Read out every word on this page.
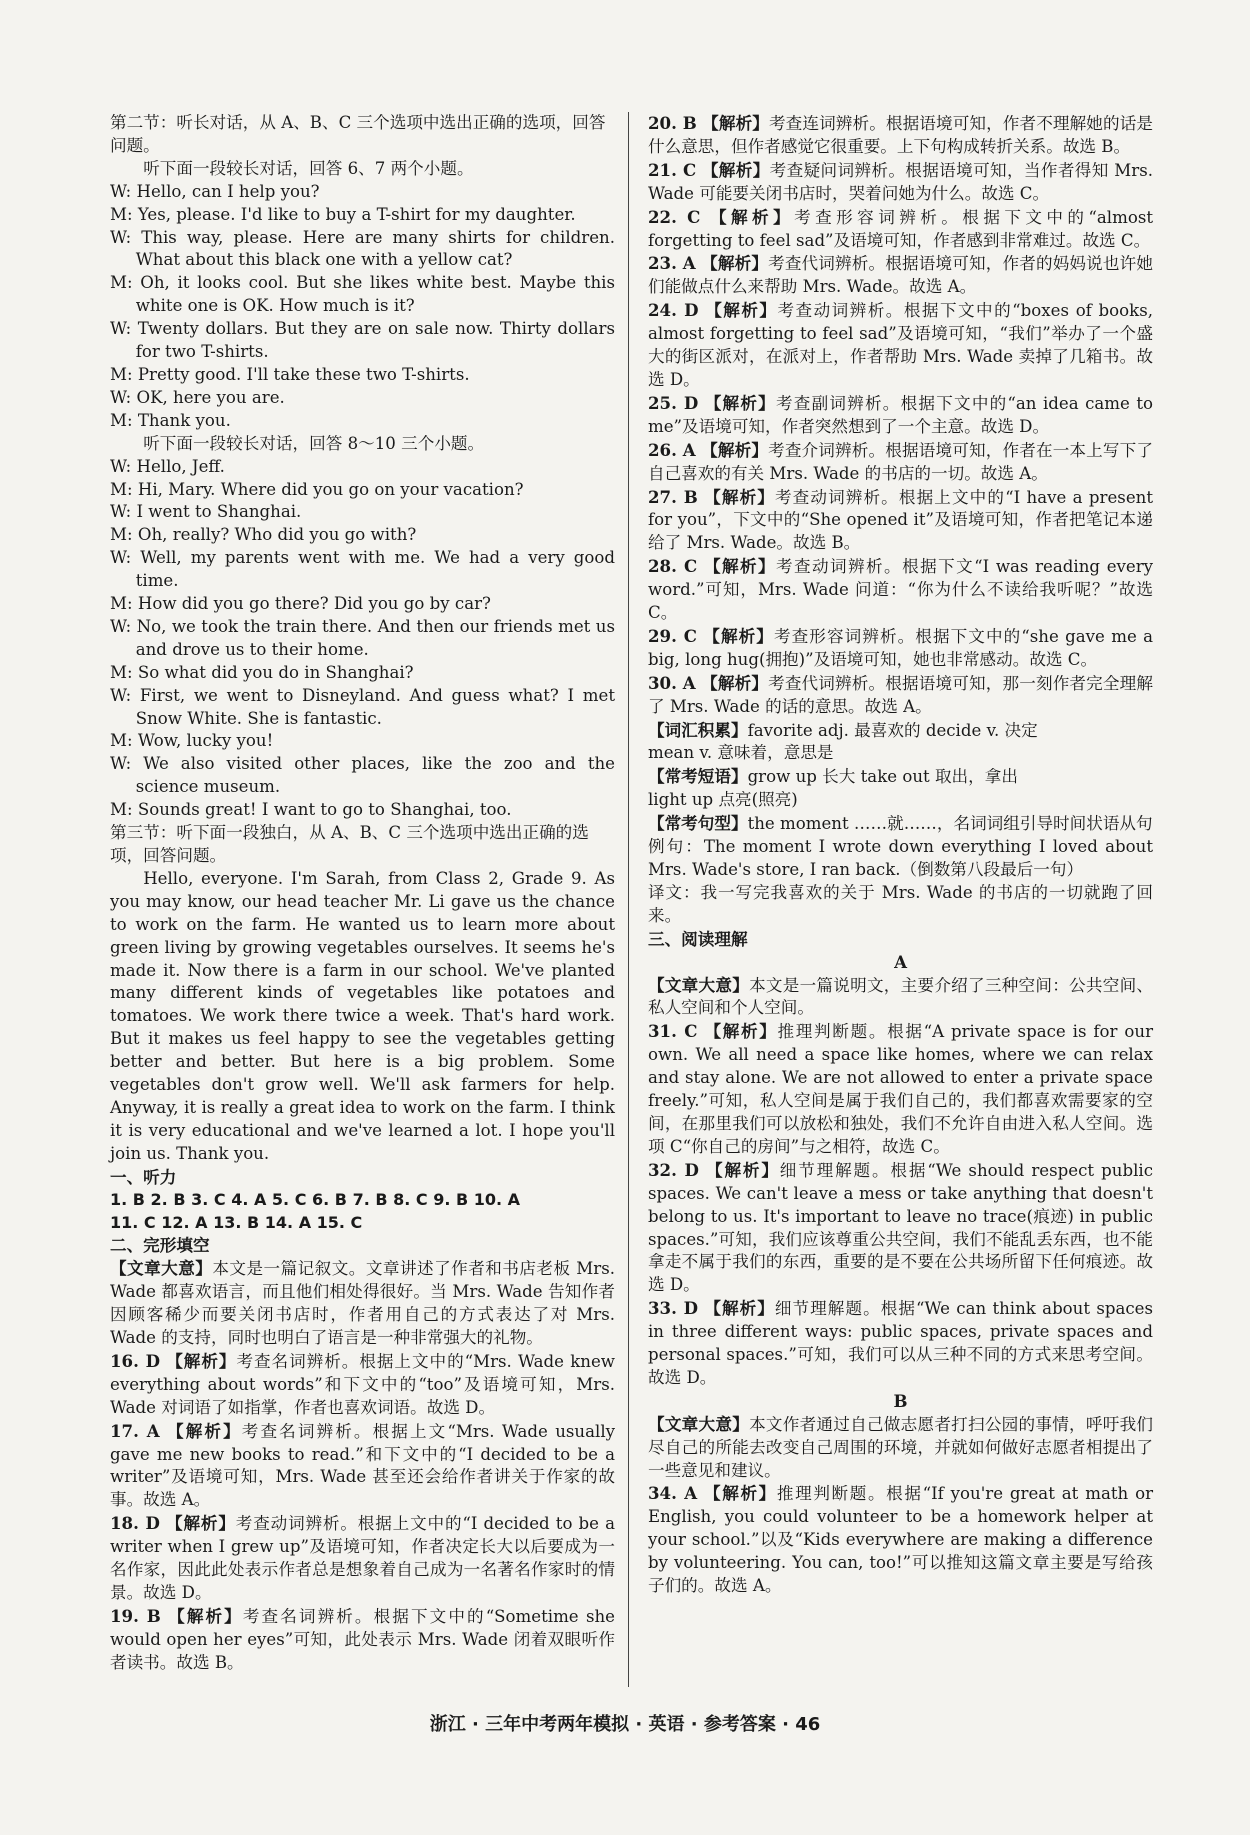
第二节：听长对话，从 A、B、C 三个选项中选出正确的选项，回答问题。

听下面一段较长对话，回答 6、7 两个小题。

W: Hello, can I help you?

M: Yes, please. I'd like to buy a T-shirt for my daughter.

W: This way, please. Here are many shirts for children. What about this black one with a yellow cat?

M: Oh, it looks cool. But she likes white best. Maybe this white one is OK. How much is it?

W: Twenty dollars. But they are on sale now. Thirty dollars for two T-shirts.

M: Pretty good. I'll take these two T-shirts.

W: OK, here you are.

M: Thank you.

听下面一段较长对话，回答 8～10 三个小题。

W: Hello, Jeff.

M: Hi, Mary. Where did you go on your vacation?

W: I went to Shanghai.

M: Oh, really? Who did you go with?

W: Well, my parents went with me. We had a very good time.

M: How did you go there? Did you go by car?

W: No, we took the train there. And then our friends met us and drove us to their home.

M: So what did you do in Shanghai?

W: First, we went to Disneyland. And guess what? I met Snow White. She is fantastic.

M: Wow, lucky you!

W: We also visited other places, like the zoo and the science museum.

M: Sounds great! I want to go to Shanghai, too.

第三节：听下面一段独白，从 A、B、C 三个选项中选出正确的选项，回答问题。

Hello, everyone. I'm Sarah, from Class 2, Grade 9. As you may know, our head teacher Mr. Li gave us the chance to work on the farm. He wanted us to learn more about green living by growing vegetables ourselves. It seems he's made it. Now there is a farm in our school. We've planted many different kinds of vegetables like potatoes and tomatoes. We work there twice a week. That's hard work. But it makes us feel happy to see the vegetables getting better and better. But here is a big problem. Some vegetables don't grow well. We'll ask farmers for help. Anyway, it is really a great idea to work on the farm. I think it is very educational and we've learned a lot. I hope you'll join us. Thank you.

一、听力

1. B 2. B 3. C 4. A 5. C 6. B 7. B 8. C 9. B 10. A

11. C 12. A 13. B 14. A 15. C

二、完形填空

【文章大意】本文是一篇记叙文。文章讲述了作者和书店老板 Mrs. Wade 都喜欢语言，而且他们相处得很好。当 Mrs. Wade 告知作者因顾客稀少而要关闭书店时，作者用自己的方式表达了对 Mrs. Wade 的支持，同时也明白了语言是一种非常强大的礼物。

16. D 【解析】考查名词辨析。根据上文中的“Mrs. Wade knew everything about words”和下文中的“too”及语境可知，Mrs. Wade 对词语了如指掌，作者也喜欢词语。故选 D。

17. A 【解析】考查名词辨析。根据上文“Mrs. Wade usually gave me new books to read.”和下文中的“I decided to be a writer”及语境可知，Mrs. Wade 甚至还会给作者讲关于作家的故事。故选 A。

18. D 【解析】考查动词辨析。根据上文中的“I decided to be a writer when I grew up”及语境可知，作者决定长大以后要成为一名作家，因此此处表示作者总是想象着自己成为一名著名作家时的情景。故选 D。

19. B 【解析】考查名词辨析。根据下文中的“Sometime she would open her eyes”可知，此处表示 Mrs. Wade 闭着双眼听作者读书。故选 B。

20. B 【解析】考查连词辨析。根据语境可知，作者不理解她的话是什么意思，但作者感觉它很重要。上下句构成转折关系。故选 B。

21. C 【解析】考查疑问词辨析。根据语境可知，当作者得知 Mrs. Wade 可能要关闭书店时，哭着问她为什么。故选 C。

22. C 【解析】考查形容词辨析。根据下文中的“almost forgetting to feel sad”及语境可知，作者感到非常难过。故选 C。

23. A 【解析】考查代词辨析。根据语境可知，作者的妈妈说也许她们能做点什么来帮助 Mrs. Wade。故选 A。

24. D 【解析】考查动词辨析。根据下文中的“boxes of books, almost forgetting to feel sad”及语境可知，“我们”举办了一个盛大的街区派对，在派对上，作者帮助 Mrs. Wade 卖掉了几箱书。故选 D。

25. D 【解析】考查副词辨析。根据下文中的“an idea came to me”及语境可知，作者突然想到了一个主意。故选 D。

26. A 【解析】考查介词辨析。根据语境可知，作者在一本上写下了自己喜欢的有关 Mrs. Wade 的书店的一切。故选 A。

27. B 【解析】考查动词辨析。根据上文中的“I have a present for you”，下文中的“She opened it”及语境可知，作者把笔记本递给了 Mrs. Wade。故选 B。

28. C 【解析】考查动词辨析。根据下文“I was reading every word.”可知，Mrs. Wade 问道：“你为什么不读给我听呢？”故选 C。

29. C 【解析】考查形容词辨析。根据下文中的“she gave me a big, long hug(拥抱)”及语境可知，她也非常感动。故选 C。

30. A 【解析】考查代词辨析。根据语境可知，那一刻作者完全理解了 Mrs. Wade 的话的意思。故选 A。

【词汇积累】favorite adj. 最喜欢的 decide v. 决定

mean v. 意味着，意思是

【常考短语】grow up 长大 take out 取出，拿出

light up 点亮(照亮)

【常考句型】the moment ……就……，名词词组引导时间状语从句

例句：The moment I wrote down everything I loved about Mrs. Wade's store, I ran back.（倒数第八段最后一句）

译文：我一写完我喜欢的关于 Mrs. Wade 的书店的一切就跑了回来。

三、阅读理解

A

【文章大意】本文是一篇说明文，主要介绍了三种空间：公共空间、私人空间和个人空间。

31. C 【解析】推理判断题。根据“A private space is for our own. We all need a space like homes, where we can relax and stay alone. We are not allowed to enter a private space freely.”可知，私人空间是属于我们自己的，我们都喜欢需要家的空间，在那里我们可以放松和独处，我们不允许自由进入私人空间。选项 C“你自己的房间”与之相符，故选 C。

32. D 【解析】细节理解题。根据“We should respect public spaces. We can't leave a mess or take anything that doesn't belong to us. It's important to leave no trace(痕迹) in public spaces.”可知，我们应该尊重公共空间，我们不能乱丢东西，也不能拿走不属于我们的东西，重要的是不要在公共场所留下任何痕迹。故选 D。

33. D 【解析】细节理解题。根据“We can think about spaces in three different ways: public spaces, private spaces and personal spaces.”可知，我们可以从三种不同的方式来思考空间。故选 D。

B

【文章大意】本文作者通过自己做志愿者打扫公园的事情，呼吁我们尽自己的所能去改变自己周围的环境，并就如何做好志愿者相提出了一些意见和建议。

34. A 【解析】推理判断题。根据“If you're great at math or English, you could volunteer to be a homework helper at your school.”以及“Kids everywhere are making a difference by volunteering. You can, too!”可以推知这篇文章主要是写给孩子们的。故选 A。

浙江 · 三年中考两年模拟 · 英语 · 参考答案 · 46
